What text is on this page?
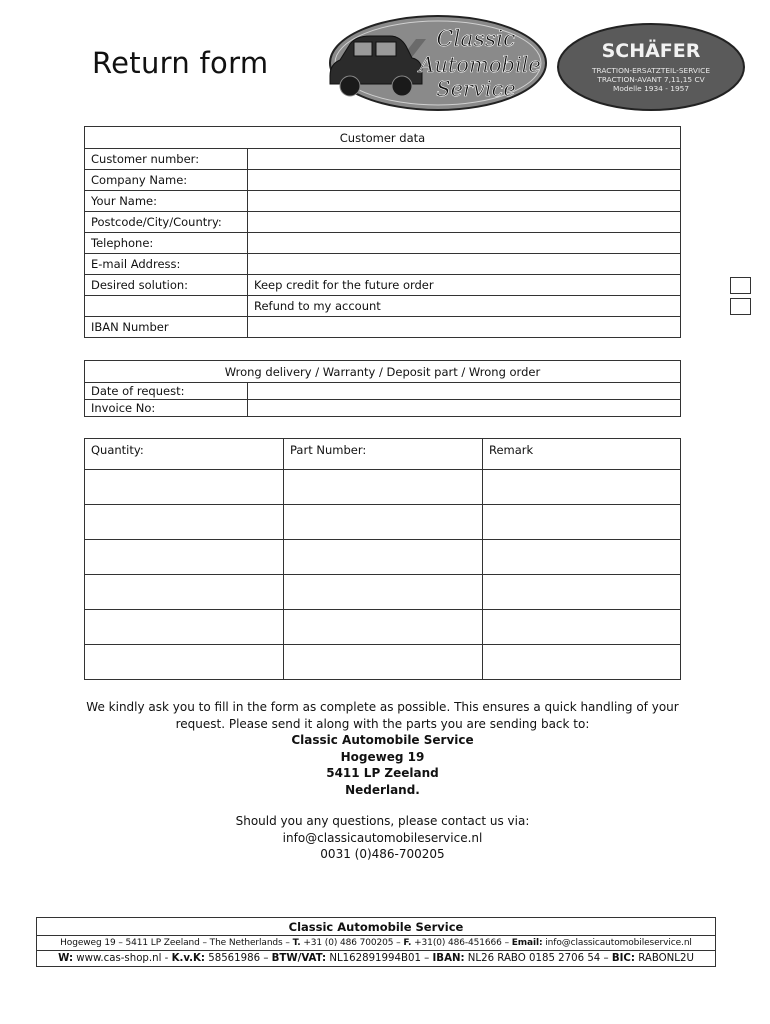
Return form
Classic
Automobile
Service
SCHÄFER
TRACTION-ERSATZTEIL-SERVICE
TRACTION-AVANT 7,11,15 CV
Modelle 1934 - 1957
Customer data	
Customer number:	
Company Name:	
Your Name:	
Postcode/City/Country:	
Telephone:	
E-mail Address:	
Desired solution:	Keep credit for the future order

	Refund to my account

IBAN Number	
Wrong delivery / Warranty / Deposit part / Wrong order	
Date of request:	
Invoice No:	
Quantity:	Part Number:	Remark

We kindly ask you to fill in the form as complete as possible. This ensures a quick handling of your
request. Please send it along with the parts you are sending back to:
Classic Automobile Service
Hogeweg 19
5411 LP Zeeland
Nederland.
Should you any questions, please contact us via:
info@classicautomobileservice.nl
0031 (0)486-700205
Classic Automobile Service
Hogeweg 19 – 5411 LP Zeeland – The Netherlands – T. +31 (0) 486 700205 – F. +31(0) 486-451666 – Email: info@classicautomobileservice.nl
W: www.cas-shop.nl - K.v.K: 58561986 – BTW/VAT: NL162891994B01 – IBAN: NL26 RABO 0185 2706 54 – BIC: RABONL2U
